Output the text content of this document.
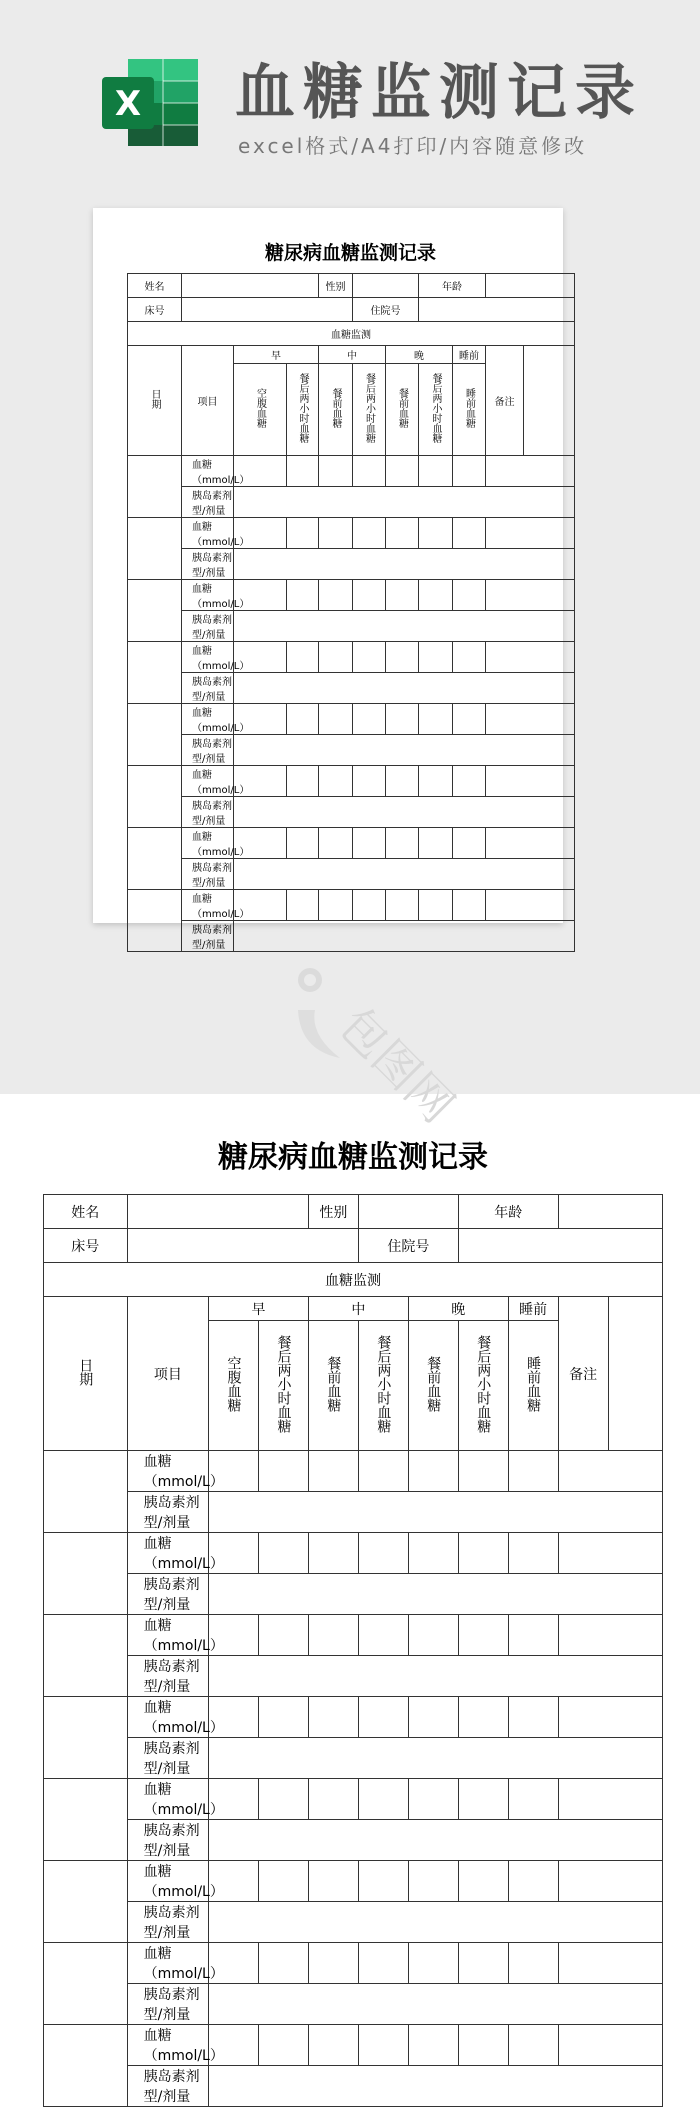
X 血糖监测记录
excel格式/A4打印/内容随意修改
包图网
糖尿病血糖监测记录
姓名				性别			年龄			
床号					住院号					
血糖监测										
日期	项目	早		中		晚		睡前	备注	
		空腹血糖	餐后两小时血糖	餐前血糖	餐后两小时血糖	餐前血糖	餐后两小时血糖	睡前血糖		
	血糖（mmol/L）									
	胰岛素剂型/剂量									
	血糖（mmol/L）									
	胰岛素剂型/剂量									
	血糖（mmol/L）									
	胰岛素剂型/剂量									
	血糖（mmol/L）									
	胰岛素剂型/剂量									
	血糖（mmol/L）									
	胰岛素剂型/剂量									
	血糖（mmol/L）									
	胰岛素剂型/剂量									
	血糖（mmol/L）									
	胰岛素剂型/剂量									
	血糖（mmol/L）									
	胰岛素剂型/剂量									
糖尿病血糖监测记录
姓名				性别			年龄			
床号					住院号					
血糖监测										
日期	项目	早		中		晚		睡前	备注	
		空腹血糖	餐后两小时血糖	餐前血糖	餐后两小时血糖	餐前血糖	餐后两小时血糖	睡前血糖		
	血糖（mmol/L）									
	胰岛素剂型/剂量									
	血糖（mmol/L）									
	胰岛素剂型/剂量									
	血糖（mmol/L）									
	胰岛素剂型/剂量									
	血糖（mmol/L）									
	胰岛素剂型/剂量									
	血糖（mmol/L）									
	胰岛素剂型/剂量									
	血糖（mmol/L）									
	胰岛素剂型/剂量									
	血糖（mmol/L）									
	胰岛素剂型/剂量									
	血糖（mmol/L）									
	胰岛素剂型/剂量									
